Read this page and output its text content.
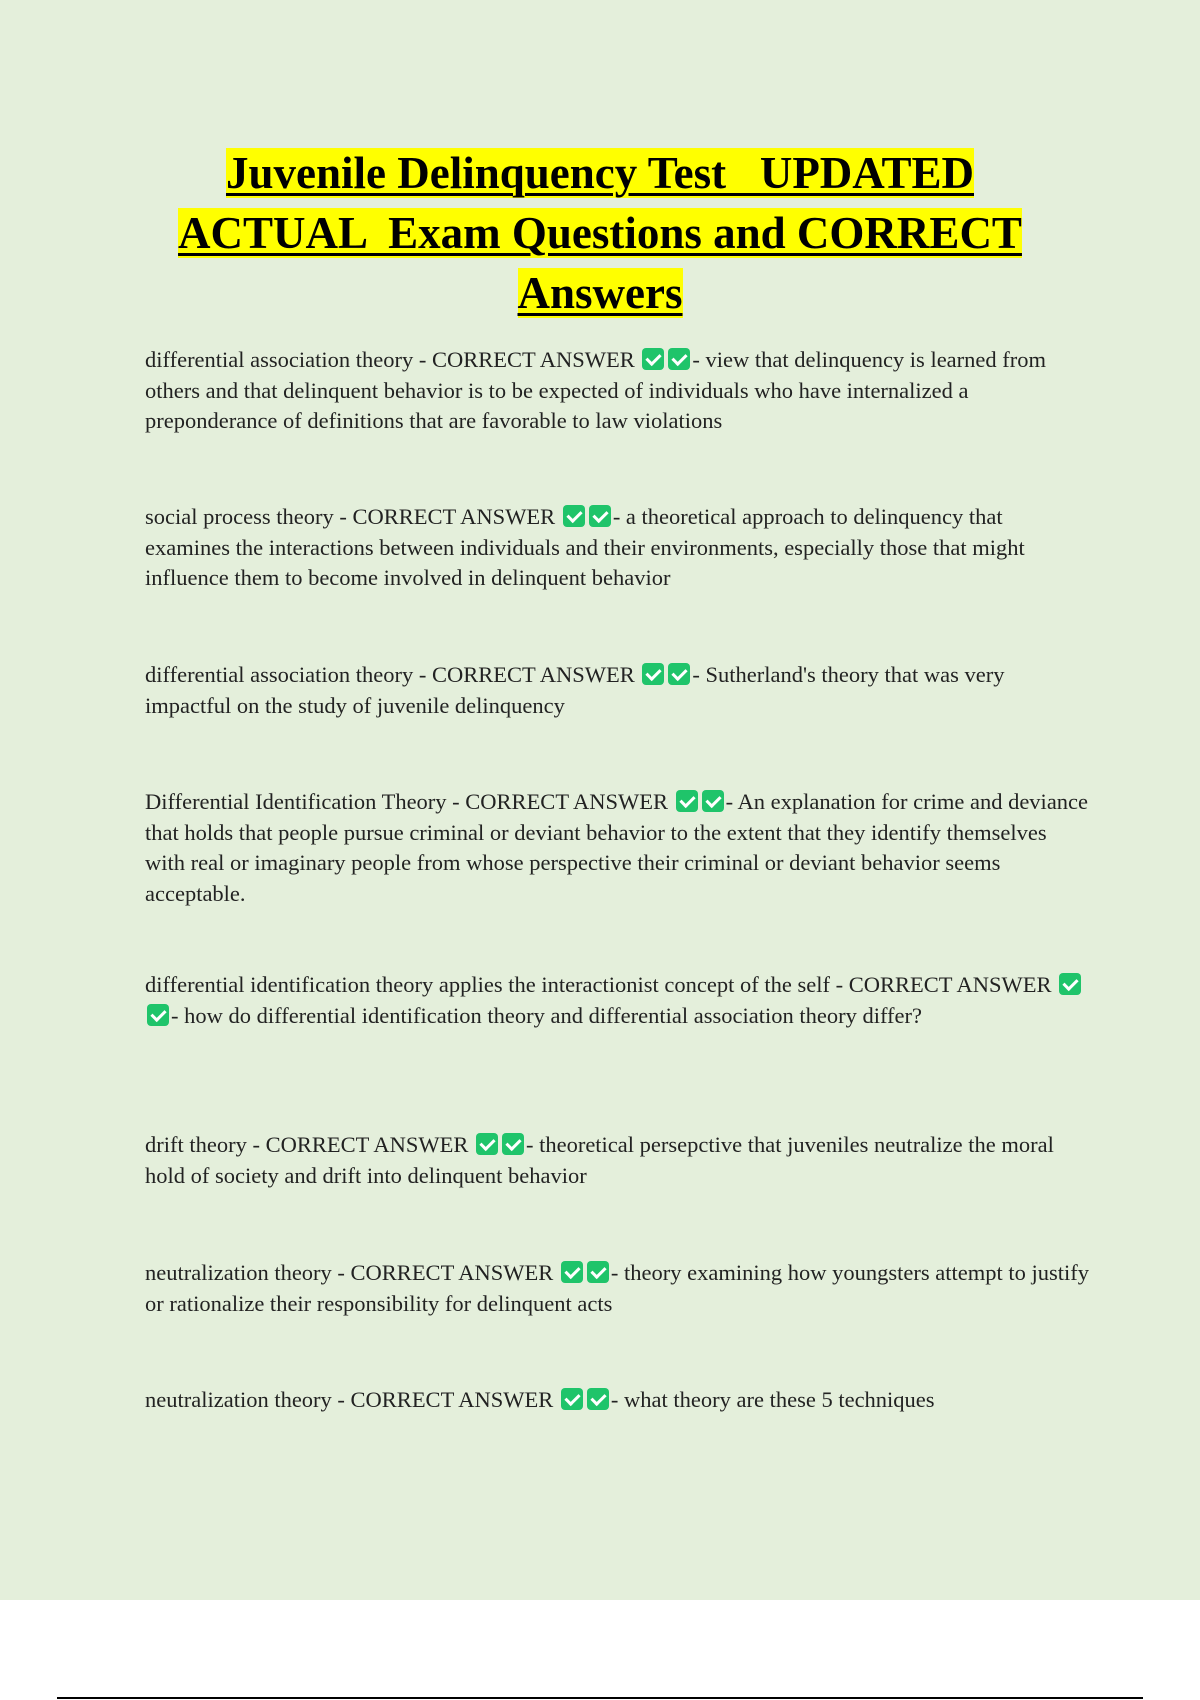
Juvenile Delinquency Test   UPDATED
ACTUAL  Exam Questions and CORRECT
Answers
differential association theory - CORRECT ANSWER	- view that delinquency is learned from others and that delinquent behavior is to be expected of individuals who have internalized a preponderance of definitions that are favorable to law violations
social process theory - CORRECT ANSWER	- a theoretical approach to delinquency that examines the interactions between individuals and their environments, especially those that might influence them to become involved in delinquent behavior
differential association theory - CORRECT ANSWER	- Sutherland's theory that was very impactful on the study of juvenile delinquency
Differential Identification Theory - CORRECT ANSWER	- An explanation for crime and deviance that holds that people pursue criminal or deviant behavior to the extent that they identify themselves with real or imaginary people from whose perspective their criminal or deviant behavior seems acceptable.
differential identification theory applies the interactionist concept of the self - CORRECT ANSWER - how do differential identification theory and differential association theory differ?
drift theory - CORRECT ANSWER	- theoretical persepctive that juveniles neutralize the moral hold of society and drift into delinquent behavior
neutralization theory - CORRECT ANSWER	- theory examining how youngsters attempt to justify or rationalize their responsibility for delinquent acts
neutralization theory - CORRECT ANSWER	- what theory are these 5 techniques
